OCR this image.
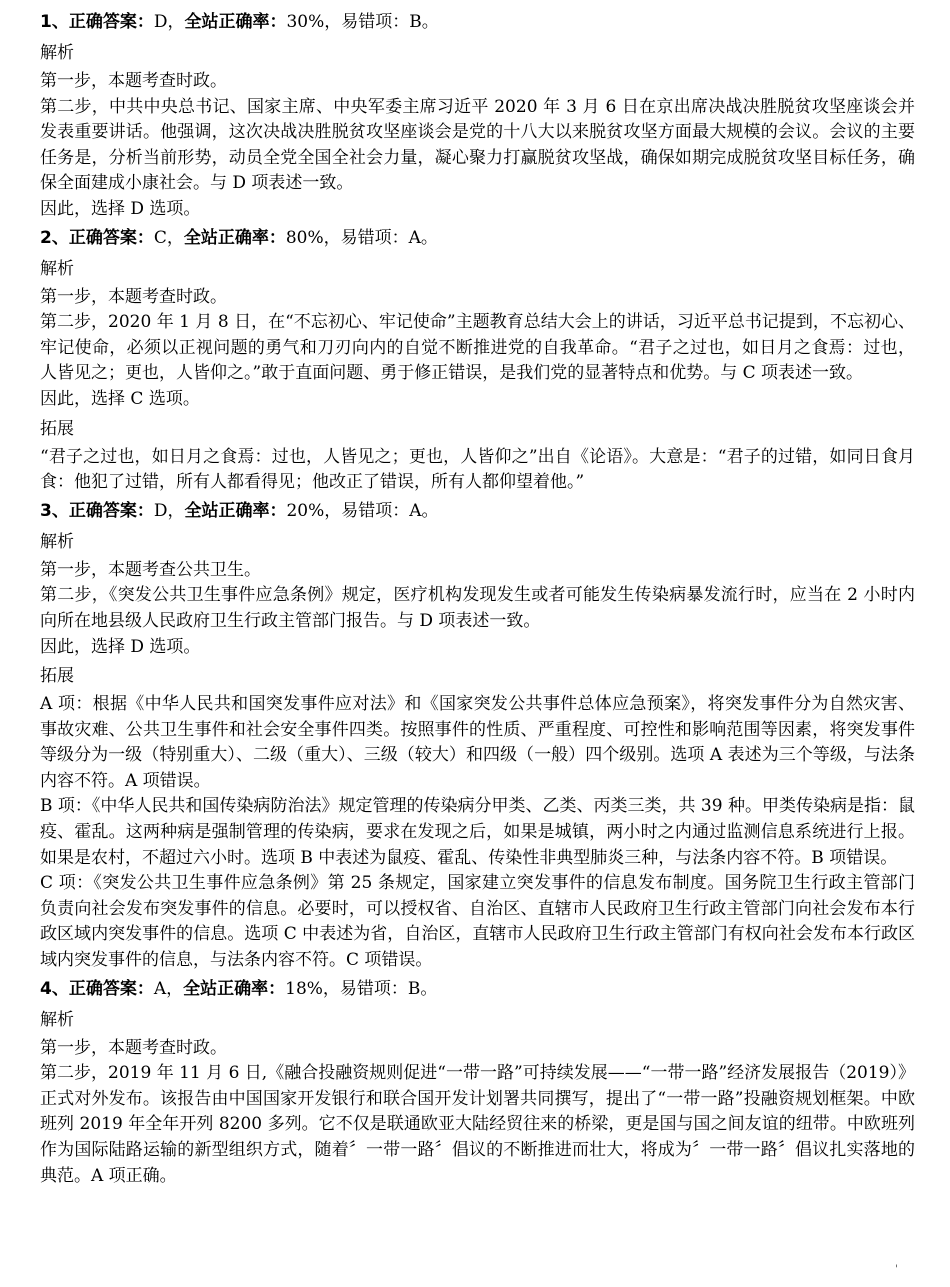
1、正确答案：D，全站正确率：30%，易错项：B。
解析
第一步，本题考查时政。
第二步，中共中央总书记、国家主席、中央军委主席习近平 2020 年 3 月 6 日在京出席决战决胜脱贫攻坚座谈会并发表重要讲话。他强调，这次决战决胜脱贫攻坚座谈会是党的十八大以来脱贫攻坚方面最大规模的会议。会议的主要任务是，分析当前形势，动员全党全国全社会力量，凝心聚力打赢脱贫攻坚战，确保如期完成脱贫攻坚目标任务，确保全面建成小康社会。与 D 项表述一致。
因此，选择 D 选项。
2、正确答案：C，全站正确率：80%，易错项：A。
解析
第一步，本题考查时政。
第二步，2020 年 1 月 8 日，在“不忘初心、牢记使命”主题教育总结大会上的讲话，习近平总书记提到，不忘初心、牢记使命，必须以正视问题的勇气和刀刃向内的自觉不断推进党的自我革命。“君子之过也，如日月之食焉：过也，人皆见之；更也，人皆仰之。”敢于直面问题、勇于修正错误，是我们党的显著特点和优势。与 C 项表述一致。
因此，选择 C 选项。
拓展
“君子之过也，如日月之食焉：过也，人皆见之；更也，人皆仰之”出自《论语》。大意是：“君子的过错，如同日食月食：他犯了过错，所有人都看得见；他改正了错误，所有人都仰望着他。”
3、正确答案：D，全站正确率：20%，易错项：A。
解析
第一步，本题考查公共卫生。
第二步，《突发公共卫生事件应急条例》规定，医疗机构发现发生或者可能发生传染病暴发流行时，应当在 2 小时内向所在地县级人民政府卫生行政主管部门报告。与 D 项表述一致。
因此，选择 D 选项。
拓展
A 项：根据《中华人民共和国突发事件应对法》和《国家突发公共事件总体应急预案》，将突发事件分为自然灾害、事故灾难、公共卫生事件和社会安全事件四类。按照事件的性质、严重程度、可控性和影响范围等因素，将突发事件等级分为一级（特别重大）、二级（重大）、三级（较大）和四级（一般）四个级别。选项 A 表述为三个等级，与法条内容不符。A 项错误。
B 项：《中华人民共和国传染病防治法》规定管理的传染病分甲类、乙类、丙类三类，共 39 种。甲类传染病是指：鼠疫、霍乱。这两种病是强制管理的传染病，要求在发现之后，如果是城镇，两小时之内通过监测信息系统进行上报。如果是农村，不超过六小时。选项 B 中表述为鼠疫、霍乱、传染性非典型肺炎三种，与法条内容不符。B 项错误。
C 项：《突发公共卫生事件应急条例》第 25 条规定，国家建立突发事件的信息发布制度。国务院卫生行政主管部门负责向社会发布突发事件的信息。必要时，可以授权省、自治区、直辖市人民政府卫生行政主管部门向社会发布本行政区域内突发事件的信息。选项 C 中表述为省，自治区，直辖市人民政府卫生行政主管部门有权向社会发布本行政区域内突发事件的信息，与法条内容不符。C 项错误。
4、正确答案：A，全站正确率：18%，易错项：B。
解析
第一步，本题考查时政。
第二步，2019 年 11 月 6 日,《融合投融资规则促进“一带一路”可持续发展——“一带一路”经济发展报告（2019）》正式对外发布。该报告由中国国家开发银行和联合国开发计划署共同撰写，提出了“一带一路”投融资规划框架。中欧班列 2019 年全年开列 8200 多列。它不仅是联通欧亚大陆经贸往来的桥梁，更是国与国之间友谊的纽带。中欧班列作为国际陆路运输的新型组织方式，随着〞一带一路〞倡议的不断推进而壮大，将成为〞一带一路〞倡议扎实落地的典范。A 项正确。
'
